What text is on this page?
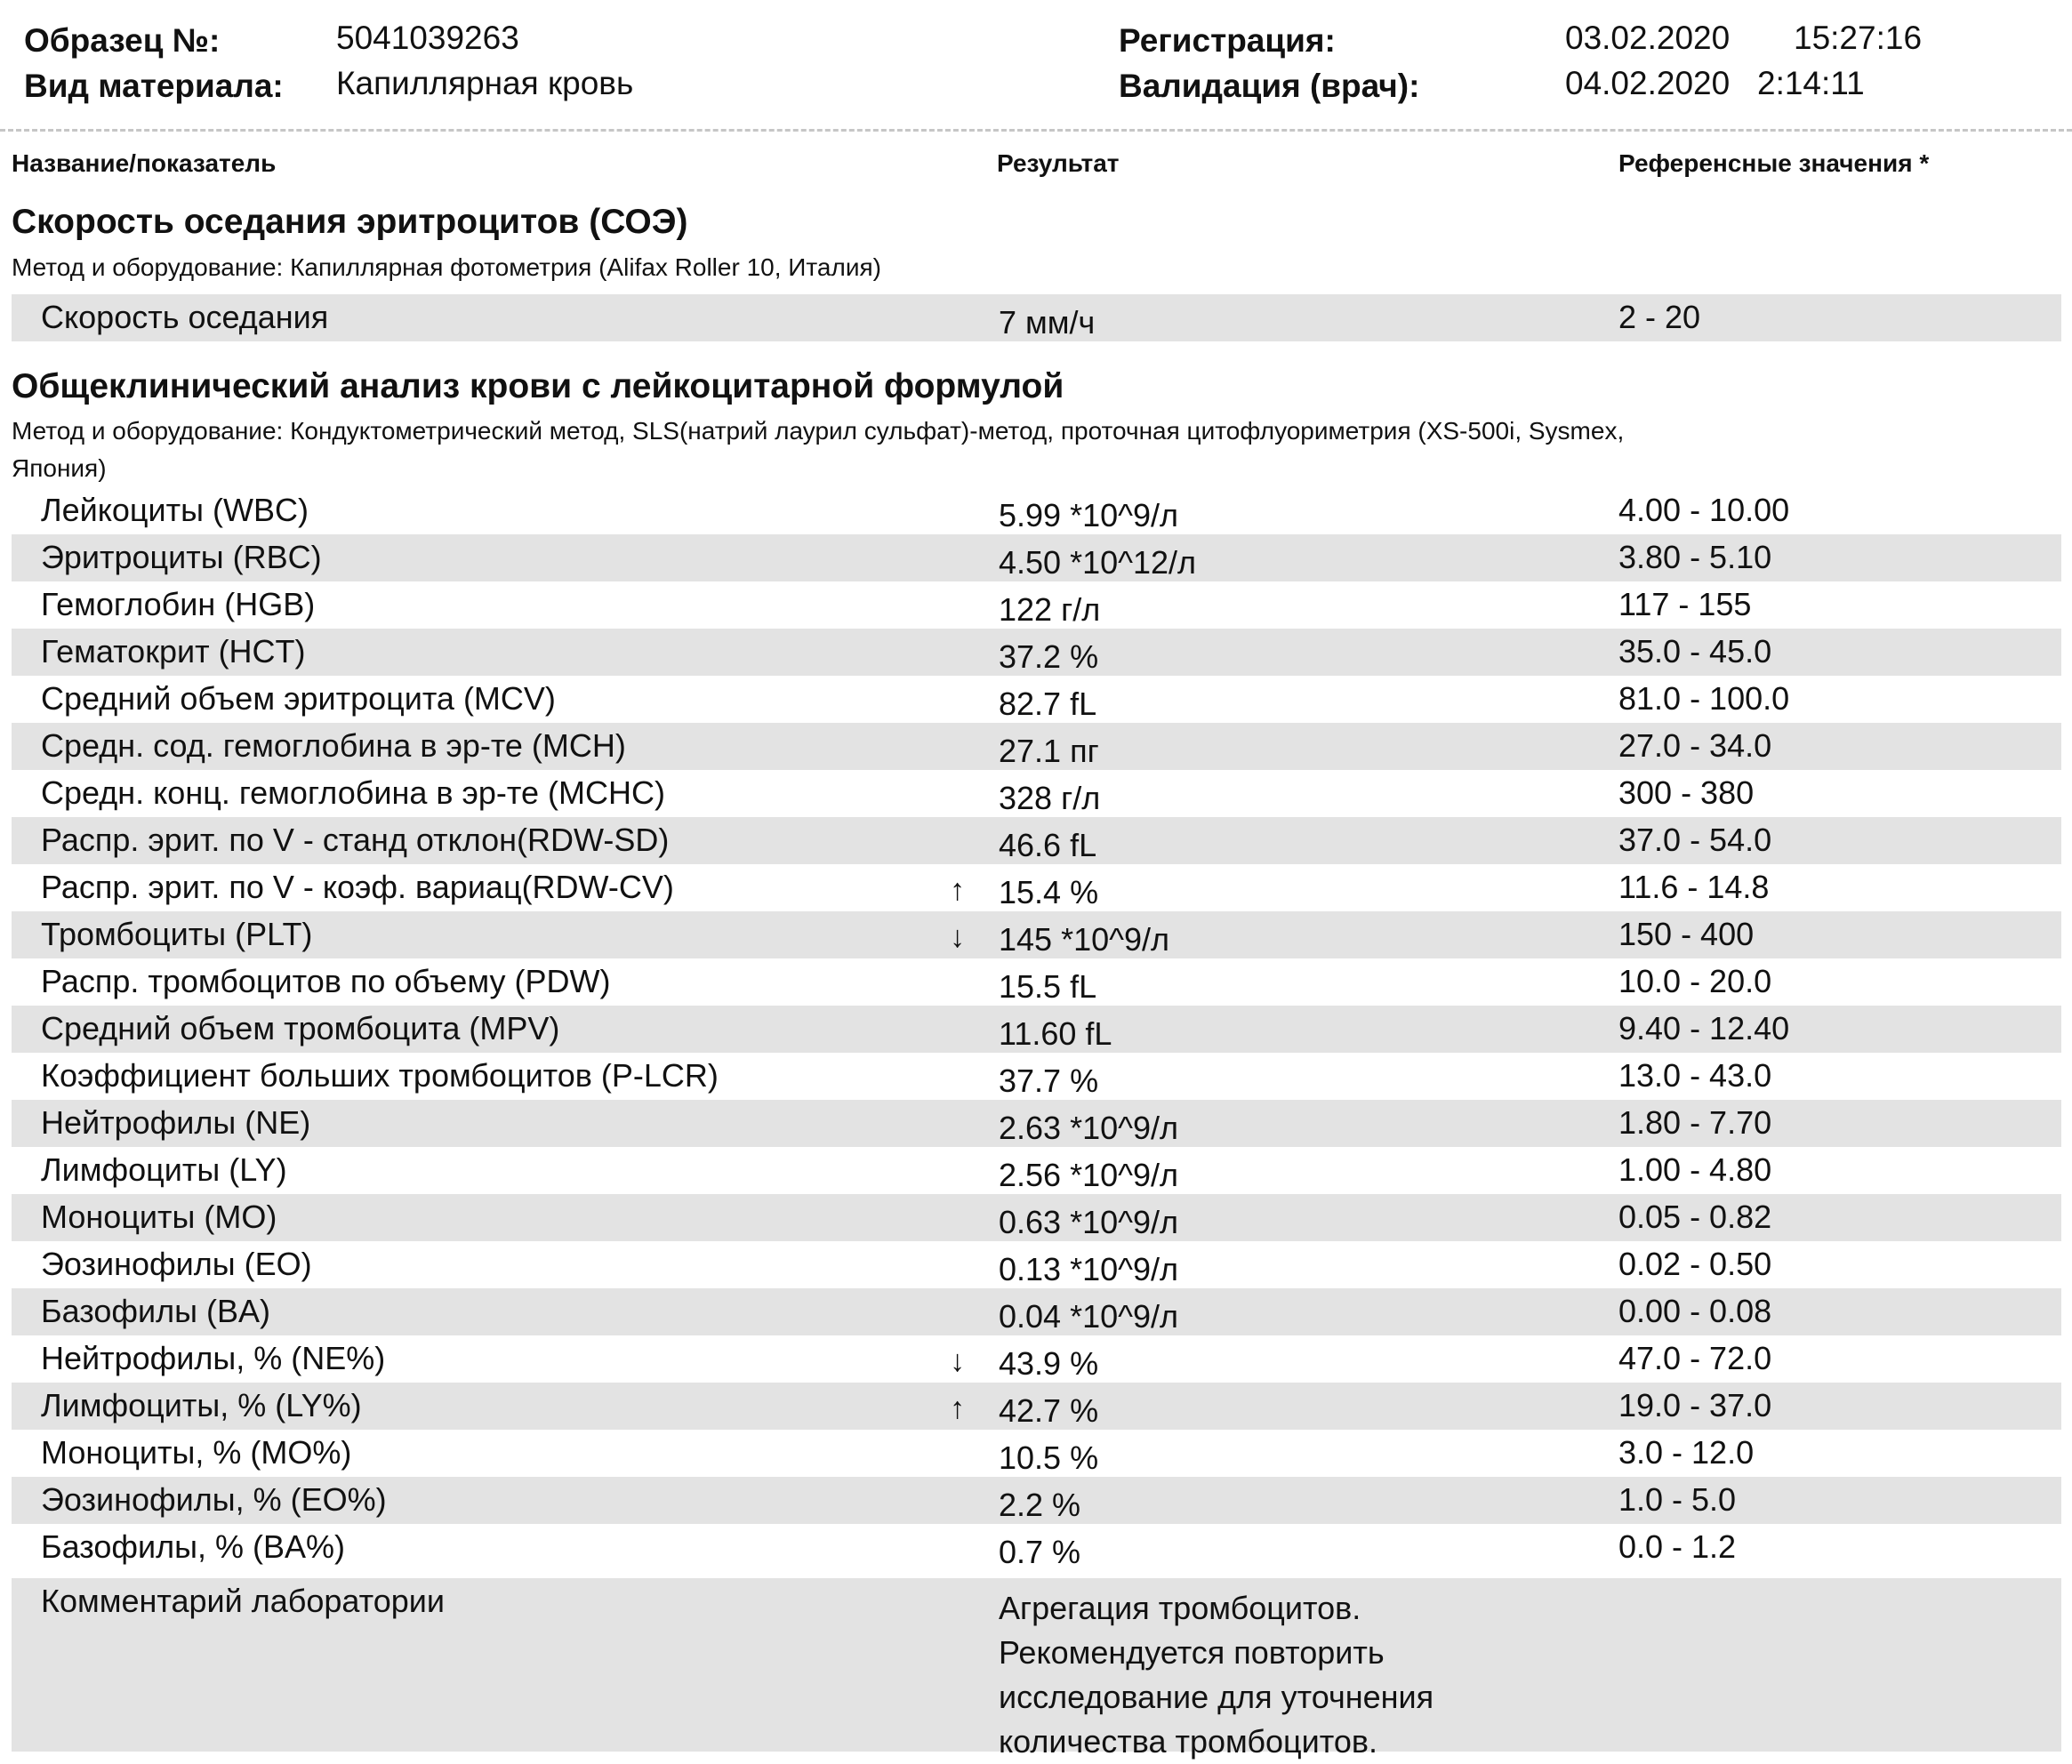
Образец №:	5041039263
Вид материала: Капиллярная кровь
Регистрация:	03.02.2020 15:27:16
Валидация (врач):	04.02.2020 2:14:11
Название/показатель	Результат	Референсные значения *
Скорость оседания эритроцитов (СОЭ)
Метод и оборудование: Капиллярная фотометрия (Alifax Roller 10, Италия)
Скорость оседания	7 мм/ч	2 - 20
Общеклинический анализ крови с лейкоцитарной формулой
Метод и оборудование: Кондуктометрический метод, SLS(натрий лаурил сульфат)-метод, проточная цитофлуориметрия (XS-500i, Sysmex,
Япония)
Лейкоциты (WBC)	5.99 *10^9/л	4.00 - 10.00
Эритроциты (RBC)	4.50 *10^12/л	3.80 - 5.10
Гемоглобин (HGB)	122 г/л	117 - 155
Гематокрит (HCT)	37.2 %	35.0 - 45.0
Средний объем эритроцита (MCV)	82.7 fL	81.0 - 100.0
Средн. сод. гемоглобина в эр-те (MCH)	27.1 пг	27.0 - 34.0
Средн. конц. гемоглобина в эр-те (MCHC)	328 г/л	300 - 380
Распр. эрит. по V - станд отклон(RDW-SD)	46.6 fL	37.0 - 54.0
Распр. эрит. по V - коэф. вариац(RDW-CV)	↑ 15.4 %	11.6 - 14.8
Тромбоциты (PLT)	↓ 145 *10^9/л	150 - 400
Распр. тромбоцитов по объему (PDW)	15.5 fL	10.0 - 20.0
Средний объем тромбоцита (MPV)	11.60 fL	9.40 - 12.40
Коэффициент больших тромбоцитов (P-LCR)	37.7 %	13.0 - 43.0
Нейтрофилы (NE)	2.63 *10^9/л	1.80 - 7.70
Лимфоциты (LY)	2.56 *10^9/л	1.00 - 4.80
Моноциты (MO)	0.63 *10^9/л	0.05 - 0.82
Эозинофилы (EO)	0.13 *10^9/л	0.02 - 0.50
Базофилы (BA)	0.04 *10^9/л	0.00 - 0.08
Нейтрофилы, % (NE%)	↓ 43.9 %	47.0 - 72.0
Лимфоциты, % (LY%)	↑ 42.7 %	19.0 - 37.0
Моноциты, % (MO%)	10.5 %	3.0 - 12.0
Эозинофилы, % (EO%)	2.2 %	1.0 - 5.0
Базофилы, % (BA%)	0.7 %	0.0 - 1.2
Комментарий лаборатории	Агрегация тромбоцитов.
Рекомендуется повторить
исследование для уточнения
количества тромбоцитов.
